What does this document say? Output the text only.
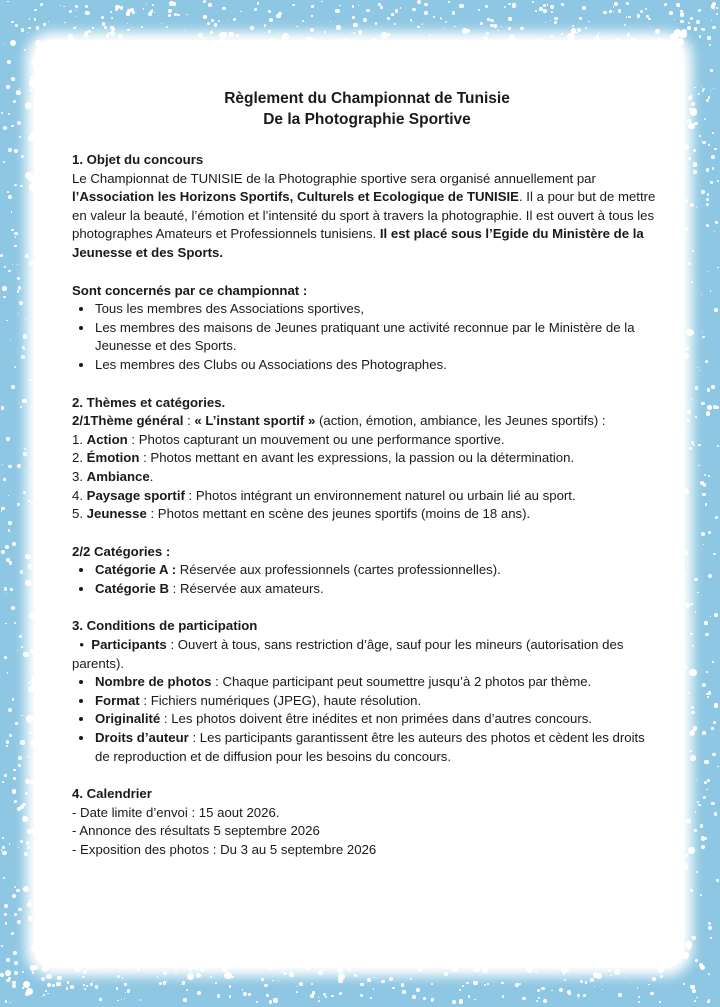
Règlement du Championnat de Tunisie
De la Photographie Sportive

1. Objet du concours

Le Championnat de TUNISIE de la Photographie sportive sera organisé annuellement par l’Association les Horizons Sportifs, Culturels et Ecologique de TUNISIE. Il a pour but de mettre en valeur la beauté, l’émotion et l’intensité du sport à travers la photographie. Il est ouvert à tous les photographes Amateurs et Professionnels tunisiens. Il est placé sous l’Egide du Ministère de la Jeunesse et des Sports.

Sont concernés par ce championnat :

• Tous les membres des Associations sportives,
• Les membres des maisons de Jeunes pratiquant une activité reconnue par le Ministère de la Jeunesse et des Sports.
• Les membres des Clubs ou Associations des Photographes.

2. Thèmes et catégories.

2/1Thème général : « L’instant sportif » (action, émotion, ambiance, les Jeunes sportifs) :

1. Action : Photos capturant un mouvement ou une performance sportive.

2. Émotion : Photos mettant en avant les expressions, la passion ou la détermination.

3. Ambiance.

4. Paysage sportif : Photos intégrant un environnement naturel ou urbain lié au sport.

5. Jeunesse : Photos mettant en scène des jeunes sportifs (moins de 18 ans).

2/2 Catégories :

• Catégorie A : Réservée aux professionnels (cartes professionnelles).
• Catégorie B : Réservée aux amateurs.

3. Conditions de participation

• Participants : Ouvert à tous, sans restriction d’âge, sauf pour les mineurs (autorisation des parents).

• Nombre de photos : Chaque participant peut soumettre jusqu’à 2 photos par thème.
• Format : Fichiers numériques (JPEG), haute résolution.
• Originalité : Les photos doivent être inédites et non primées dans d’autres concours.
• Droits d’auteur : Les participants garantissent être les auteurs des photos et cèdent les droits de reproduction et de diffusion pour les besoins du concours.

4. Calendrier

- Date limite d’envoi : 15 aout 2026.
- Annonce des résultats 5 septembre 2026
- Exposition des photos : Du 3 au 5 septembre 2026
